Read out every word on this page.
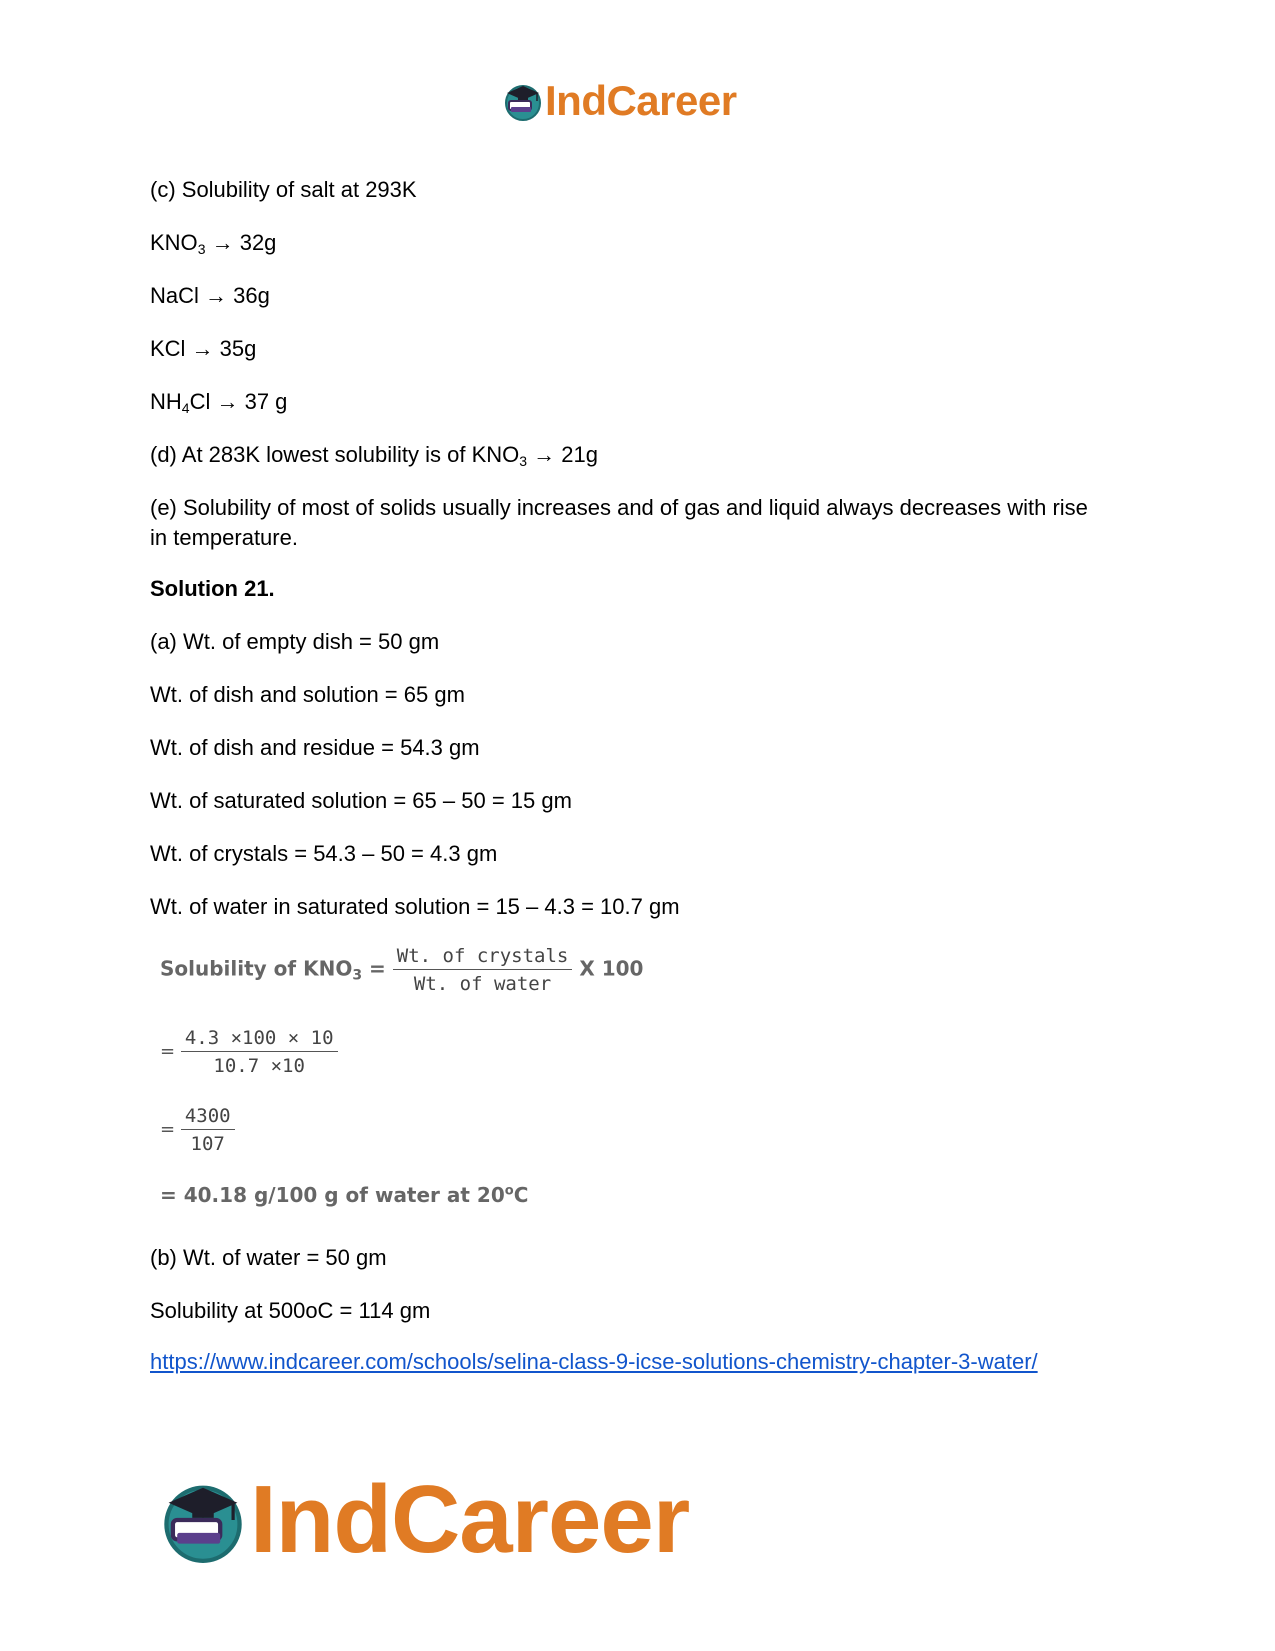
IndCareer
(c) Solubility of salt at 293K
$KNO_3 \to 32g$
NaCl → 36g
KCl → 35g
$NH_4Cl \to 37$ g
(d) At 283K lowest solubility is of $KNO_3 \to 21g$
(e) Solubility of most of solids usually increases and of gas and liquid always decreases with rise in temperature.
Solution 21.
(a) Wt. of empty dish = 50 gm
Wt. of dish and solution = 65 gm
Wt. of dish and residue = 54.3 gm
Wt. of saturated solution = 65 – 50 = 15 gm
Wt. of crystals = 54.3 – 50 = 4.3 gm
Wt. of water in saturated solution = 15 – 4.3 = 10.7 gm
Solubility of $KNO_3 = \frac{\text{Wt. of crystals}}{\text{Wt. of water}}$ X 100
= $\frac{4.3 \times 100 \times 10}{10.7 \times 10}$
= $\frac{4300}{107}$
= 40.18 g/100 g of water at 20$^o$C
(b) Wt. of water = 50 gm
Solubility at 500oC = 114 gm
https://www.indcareer.com/schools/selina-class-9-icse-solutions-chemistry-chapter-3-water/
IndCareer
